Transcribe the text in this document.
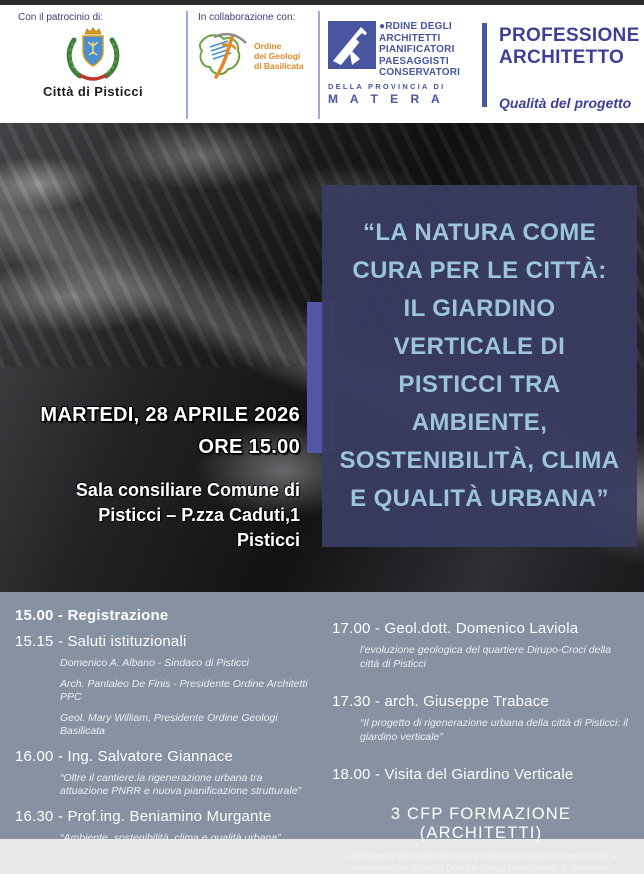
Con il patrocinio di:
Città di Pisticci
In collaborazione con:
Ordine
dei Geologi
di Basilicata
●RDINE DEGLI
ARCHITETTI
PIANIFICATORI
PAESAGGISTI
CONSERVATORI
DELLA PROVINCIA DI
M A T E R A
PROFESSIONE
ARCHITETTO
Qualità del progetto

“LA NATURA COME CURA PER LE CITTÀ: IL GIARDINO VERTICALE DI PISTICCI TRA AMBIENTE, SOSTENIBILITÀ, CLIMA E QUALITÀ URBANA”

MARTEDI, 28 APRILE 2026
ORE 15.00
Sala consiliare Comune di
Pisticci – P.zza Caduti,1
Pisticci
15.00 - Registrazione
15.15 - Saluti istituzionali
Domenico A. Albano - Sindaco di Pisticci
Arch. Pantaleo De Finis - Presidente Ordine Architetti PPC
Geol. Mary William, Presidente Ordine Geologi Basilicata
16.00 - Ing. Salvatore Giannace
“Oltre il cantiere:la rigenerazione urbana tra attuazione PNRR e nuova pianificazione strutturale”
16.30 - Prof.ing. Beniamino Murgante
“Ambiente, sostenibilità, clima e qualità urbana”
17.00 - Geol.dott. Domenico Laviola
l’evoluzione geologica del quartiere Dirupo-Croci della città di Pisticci
17.30 - arch. Giuseppe Trabace
“Il progetto di rigenerazione urbana della città di Pisticci: il giardino verticale”
18.00 - Visita del Giardino Verticale
3 CFP FORMAZIONE (ARCHITETTI)
L'attribuzione dei crediti formativi professionali avverrà in conformità ai
regolamenti dei rispettivi Ordini e Collegi professionali di riferimento.
